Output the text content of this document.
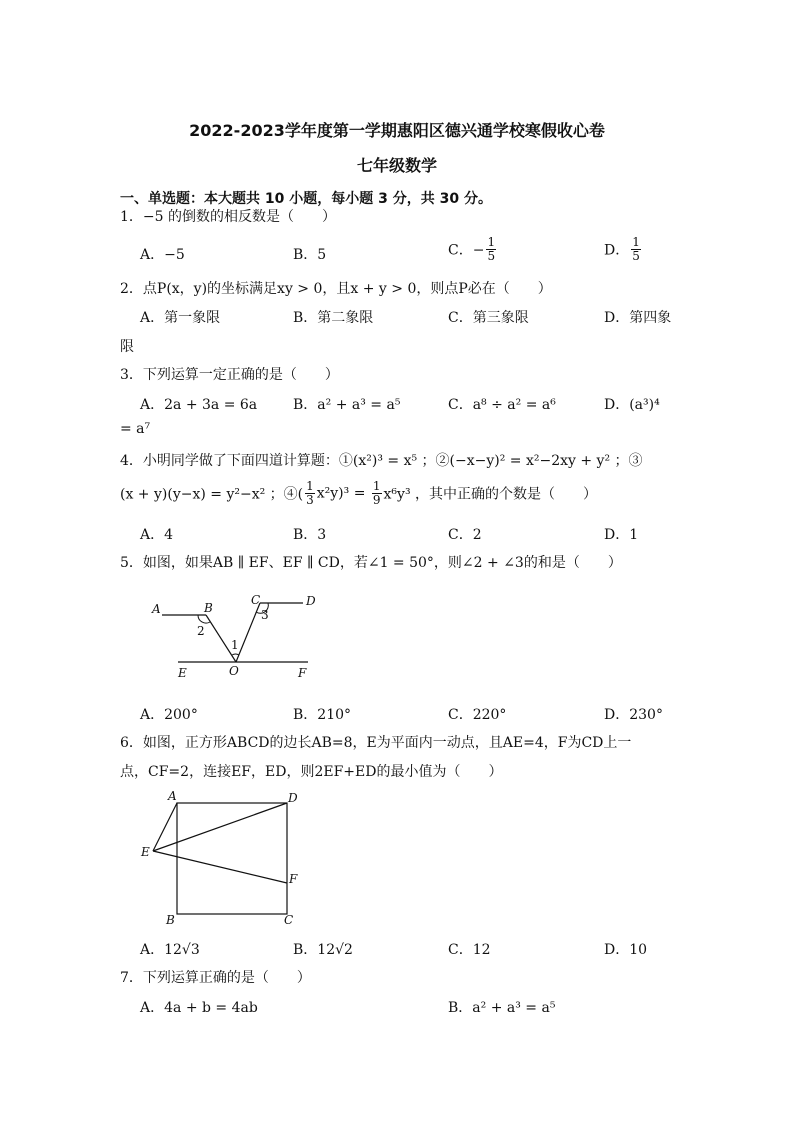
2022-2023学年度第一学期惠阳区德兴通学校寒假收心卷
七年级数学
一、单选题：本大题共 10 小题，每小题 3 分，共 30 分。
1．−5 的倒数的相反数是（　　）
A．−5	B．5	C．− $\frac{1}{5}$	D． $\frac{1}{5}$
2．点P(x，y)的坐标满足xy > 0，且x + y > 0，则点P必在（　　）
A．第一象限	B．第二象限	C．第三象限	D．第四象
限
3．下列运算一定正确的是（　　）
A．2a + 3a = 6a	B．a² + a³ = a⁵	C．a⁸ ÷ a² = a⁶	D．(a³)⁴
= a⁷
4．小明同学做了下面四道计算题：①(x²)³ = x⁵ ；②(−x−y)² = x²−2xy + y² ；③
(x + y)(y−x) = y²−x² ；④( $\frac{1}{3} x^2y)^3 = \frac{1}{9} x^6y^3$ ，其中正确的个数是（　　）
A．4	B．3	C．2	D．1
5．如图，如果AB ∥ EF、EF ∥ CD，若∠1 = 50°，则∠2 + ∠3的和是（　　）
A	B
C	D
E	O	F
1
2
3
A．200°	B．210°	C．220°	D．230°
6．如图，正方形ABCD的边长AB=8，E为平面内一动点，且AE=4，F为CD上一
点，CF=2，连接EF，ED，则2EF+ED的最小值为（　　）
A	D
E
F
B	C
A．12√3	B．12√2	C．12	D．10
7．下列运算正确的是（　　）
A．4a + b = 4ab	B．a² + a³ = a⁵
